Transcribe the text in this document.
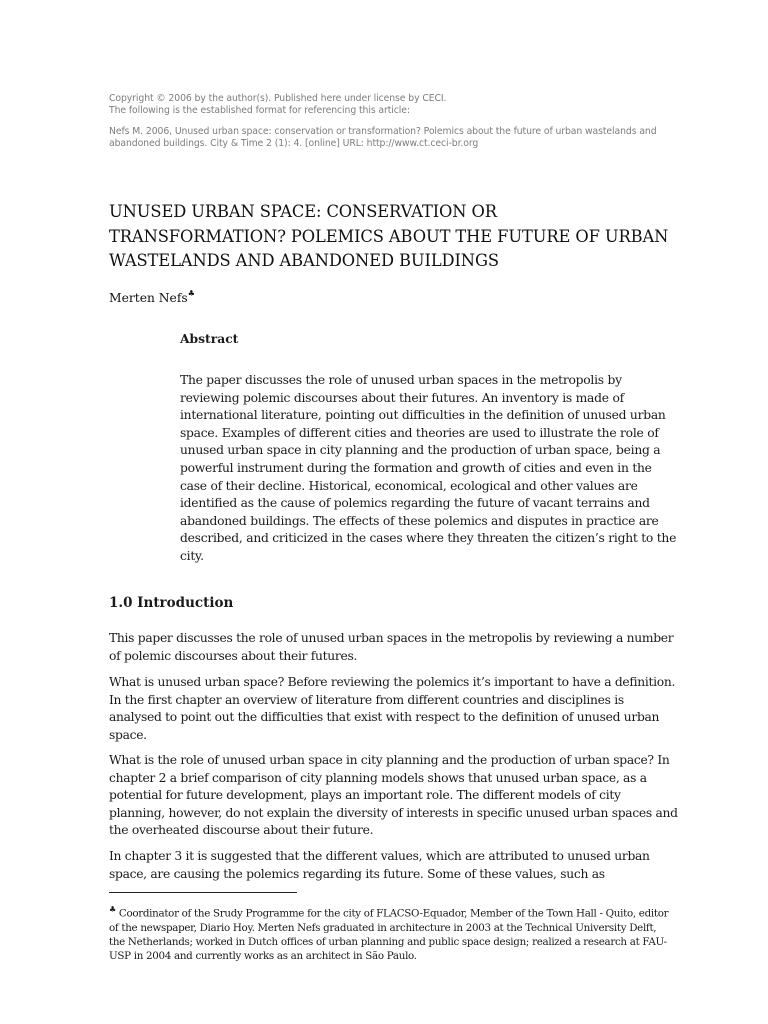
Copyright © 2006 by the author(s). Published here under license by CECI.

The following is the established format for referencing this article:

Nefs M. 2006, Unused urban space: conservation or transformation? Polemics about the future of urban wastelands and abandoned buildings. City & Time 2 (1): 4. [online] URL: http://www.ct.ceci-br.org

UNUSED URBAN SPACE: CONSERVATION OR TRANSFORMATION? POLEMICS ABOUT THE FUTURE OF URBAN WASTELANDS AND ABANDONED BUILDINGS
Merten Nefs♣
Abstract

The paper discusses the role of unused urban spaces in the metropolis by reviewing polemic discourses about their futures. An inventory is made of international literature, pointing out difficulties in the definition of unused urban space. Examples of different cities and theories are used to illustrate the role of unused urban space in city planning and the production of urban space, being a powerful instrument during the formation and growth of cities and even in the case of their decline. Historical, economical, ecological and other values are identified as the cause of polemics regarding the future of vacant terrains and abandoned buildings. The effects of these polemics and disputes in practice are described, and criticized in the cases where they threaten the citizen’s right to the city.

1.0 Introduction

This paper discusses the role of unused urban spaces in the metropolis by reviewing a number of polemic discourses about their futures.

What is unused urban space? Before reviewing the polemics it’s important to have a definition. In the first chapter an overview of literature from different countries and disciplines is analysed to point out the difficulties that exist with respect to the definition of unused urban space.

What is the role of unused urban space in city planning and the production of urban space? In chapter 2 a brief comparison of city planning models shows that unused urban space, as a potential for future development, plays an important role. The different models of city planning, however, do not explain the diversity of interests in specific unused urban spaces and the overheated discourse about their future.

In chapter 3 it is suggested that the different values, which are attributed to unused urban space, are causing the polemics regarding its future. Some of these values, such as

♣ Coordinator of the Srudy Programme for the city of FLACSO-Equador, Member of the Town Hall - Quito, editor of the newspaper, Diario Hoy. Merten Nefs graduated in architecture in 2003 at the Technical University Delft, the Netherlands; worked in Dutch offices of urban planning and public space design; realized a research at FAU-USP in 2004 and currently works as an architect in São Paulo.
